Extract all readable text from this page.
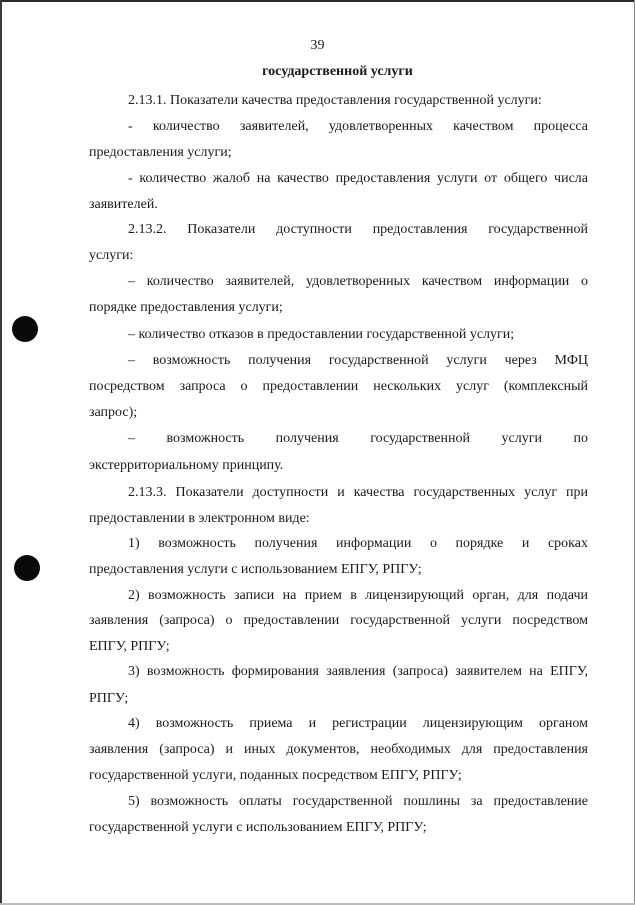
39
государственной услуги
2.13.1. Показатели качества предоставления государственной услуги:
- количество заявителей, удовлетворенных качеством процесса
предоставления услуги;
- количество жалоб на качество предоставления услуги от общего числа
заявителей.
2.13.2. Показатели доступности предоставления государственной
услуги:
– количество заявителей, удовлетворенных качеством информации о
порядке предоставления услуги;
– количество отказов в предоставлении государственной услуги;
– возможность получения государственной услуги через МФЦ
посредством запроса о предоставлении нескольких услуг (комплексный
запрос);
– возможность получения государственной услуги по
экстерриториальному принципу.
2.13.3. Показатели доступности и качества государственных услуг при
предоставлении в электронном виде:
1) возможность получения информации о порядке и сроках
предоставления услуги с использованием ЕПГУ, РПГУ;
2) возможность записи на прием в лицензирующий орган, для подачи
заявления (запроса) о предоставлении государственной услуги посредством
ЕПГУ, РПГУ;
3) возможность формирования заявления (запроса) заявителем на ЕПГУ,
РПГУ;
4) возможность приема и регистрации лицензирующим органом
заявления (запроса) и иных документов, необходимых для предоставления
государственной услуги, поданных посредством ЕПГУ, РПГУ;
5) возможность оплаты государственной пошлины за предоставление
государственной услуги с использованием ЕПГУ, РПГУ;
